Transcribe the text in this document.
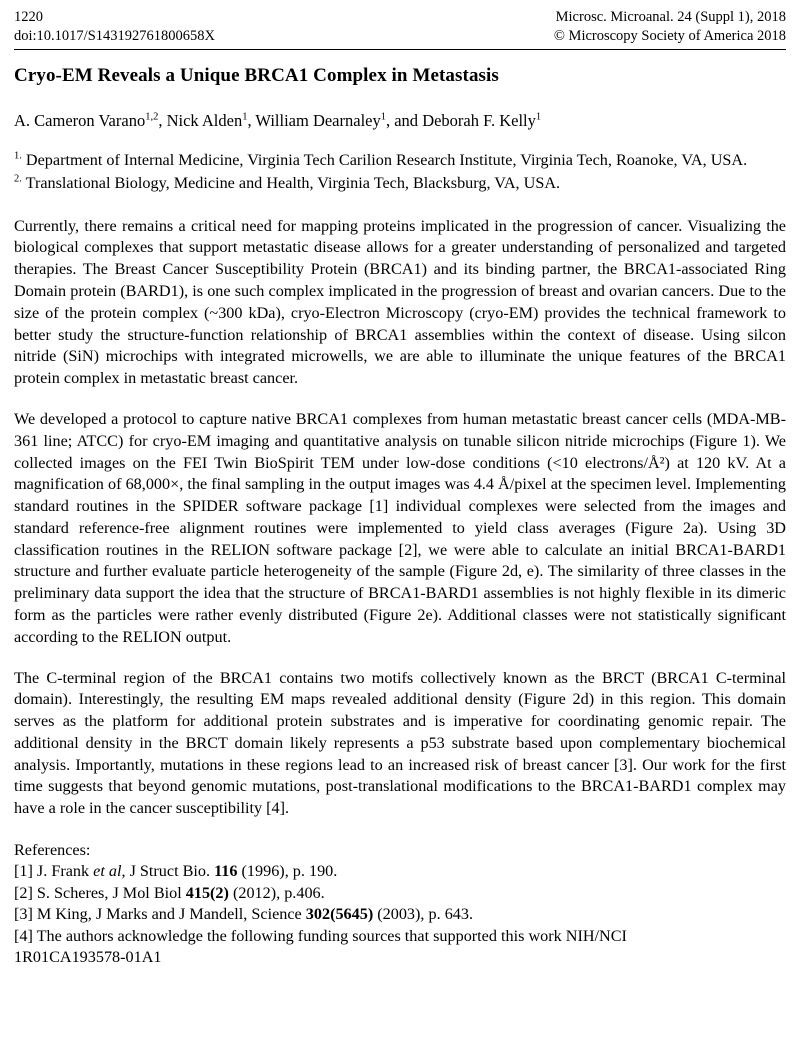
1220
doi:10.1017/S143192761800658X
Microsc. Microanal. 24 (Suppl 1), 2018
© Microscopy Society of America 2018
Cryo-EM Reveals a Unique BRCA1 Complex in Metastasis
A. Cameron Varano$^{1,2}$, Nick Alden$^1$, William Dearnaley$^1$, and Deborah F. Kelly$^1$

$^{1.}$ Department of Internal Medicine, Virginia Tech Carilion Research Institute, Virginia Tech, Roanoke, VA, USA.

$^{2.}$ Translational Biology, Medicine and Health, Virginia Tech, Blacksburg, VA, USA.

Currently, there remains a critical need for mapping proteins implicated in the progression of cancer. Visualizing the biological complexes that support metastatic disease allows for a greater understanding of personalized and targeted therapies. The Breast Cancer Susceptibility Protein (BRCA1) and its binding partner, the BRCA1-associated Ring Domain protein (BARD1), is one such complex implicated in the progression of breast and ovarian cancers. Due to the size of the protein complex (~300 kDa), cryo-Electron Microscopy (cryo-EM) provides the technical framework to better study the structure-function relationship of BRCA1 assemblies within the context of disease. Using silcon nitride (SiN) microchips with integrated microwells, we are able to illuminate the unique features of the BRCA1 protein complex in metastatic breast cancer.

We developed a protocol to capture native BRCA1 complexes from human metastatic breast cancer cells (MDA-MB-361 line; ATCC) for cryo-EM imaging and quantitative analysis on tunable silicon nitride microchips (Figure 1). We collected images on the FEI Twin BioSpirit TEM under low-dose conditions (<10 electrons/Å²) at 120 kV. At a magnification of 68,000×, the final sampling in the output images was 4.4 Å/pixel at the specimen level. Implementing standard routines in the SPIDER software package [1] individual complexes were selected from the images and standard reference-free alignment routines were implemented to yield class averages (Figure 2a). Using 3D classification routines in the RELION software package [2], we were able to calculate an initial BRCA1-BARD1 structure and further evaluate particle heterogeneity of the sample (Figure 2d, e). The similarity of three classes in the preliminary data support the idea that the structure of BRCA1-BARD1 assemblies is not highly flexible in its dimeric form as the particles were rather evenly distributed (Figure 2e). Additional classes were not statistically significant according to the RELION output.

The C-terminal region of the BRCA1 contains two motifs collectively known as the BRCT (BRCA1 C-terminal domain). Interestingly, the resulting EM maps revealed additional density (Figure 2d) in this region. This domain serves as the platform for additional protein substrates and is imperative for coordinating genomic repair. The additional density in the BRCT domain likely represents a p53 substrate based upon complementary biochemical analysis. Importantly, mutations in these regions lead to an increased risk of breast cancer [3]. Our work for the first time suggests that beyond genomic mutations, post-translational modifications to the BRCA1-BARD1 complex may have a role in the cancer susceptibility [4].

References:

[1] J. Frank et al, J Struct Bio. 116 (1996), p. 190.

[2] S. Scheres, J Mol Biol 415(2) (2012), p.406.

[3] M King, J Marks and J Mandell, Science 302(5645) (2003), p. 643.

[4] The authors acknowledge the following funding sources that supported this work NIH/NCI

1R01CA193578-01A1
